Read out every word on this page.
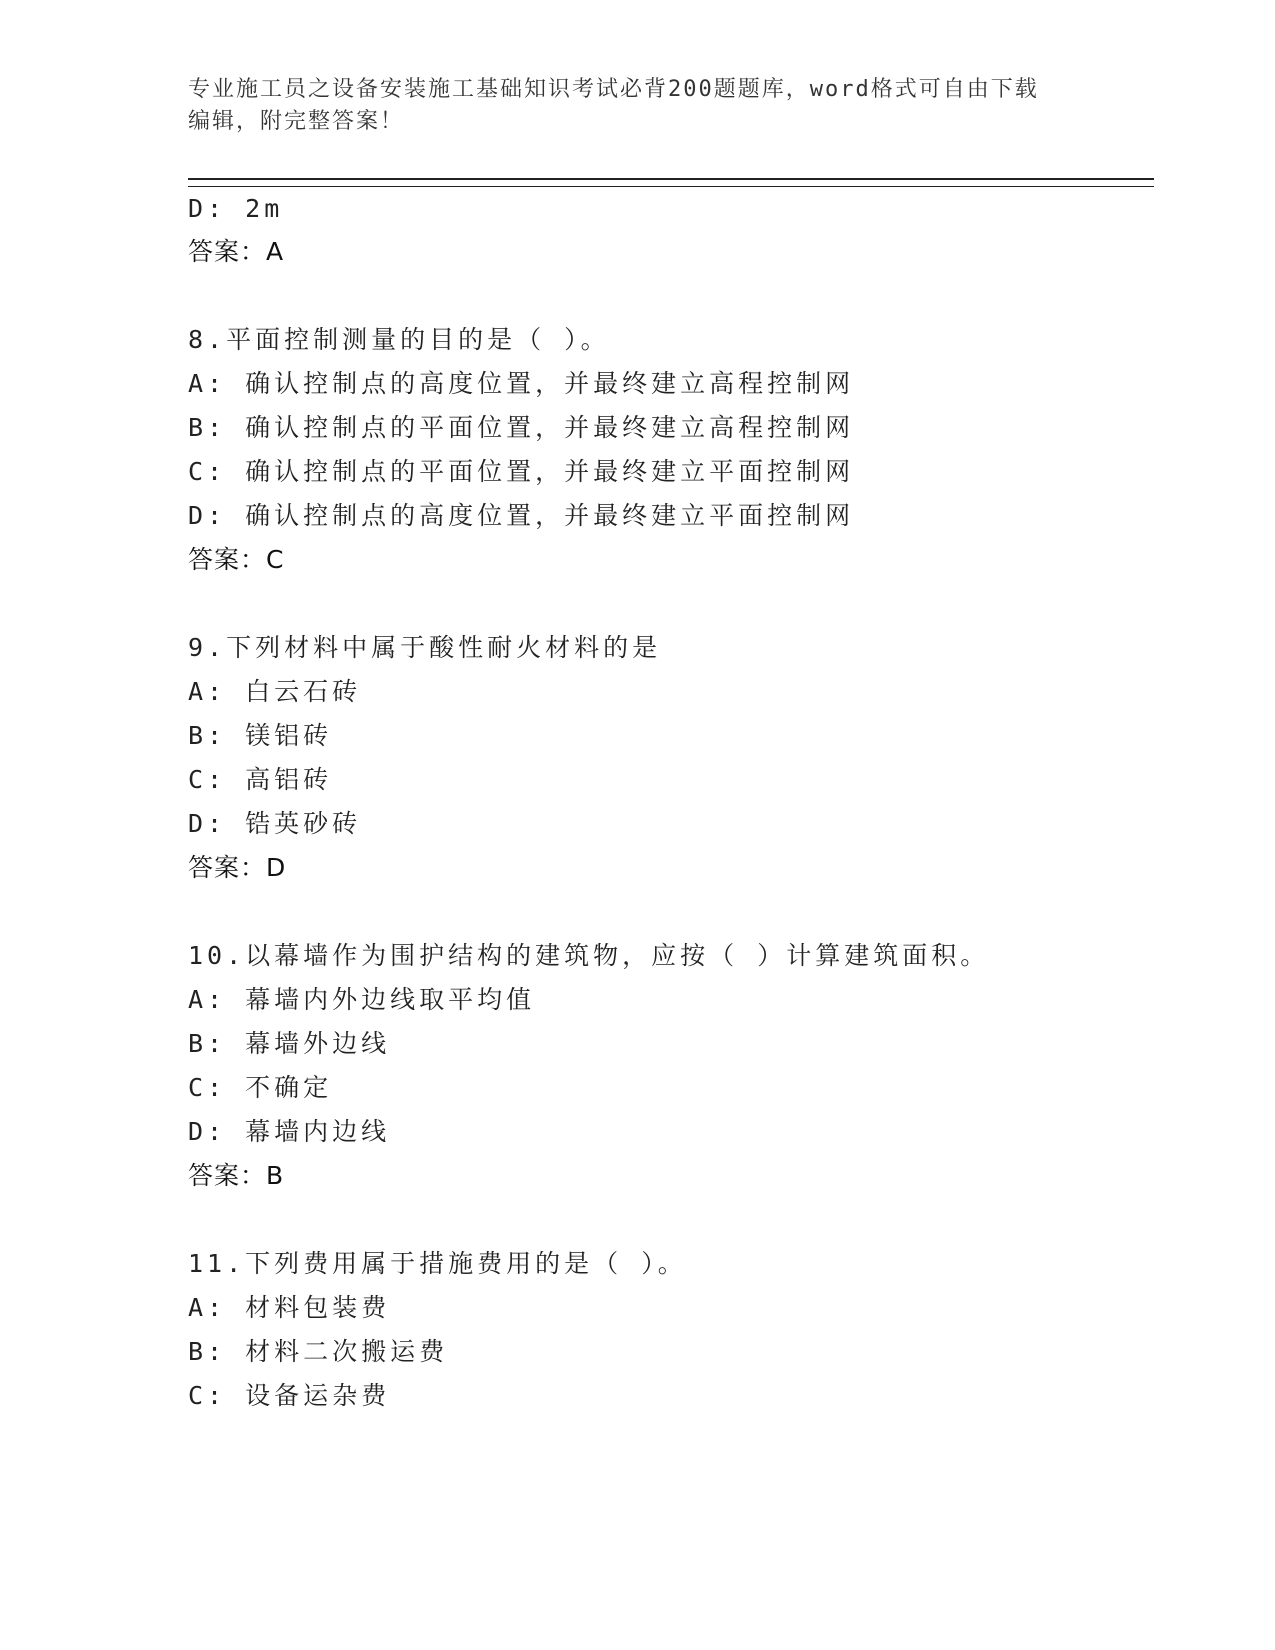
专业施工员之设备安装施工基础知识考试必背200题题库，word格式可自由下载
编辑，附完整答案！
D: 2m
答案：A
8.平面控制测量的目的是（ ）。
A: 确认控制点的高度位置，并最终建立高程控制网
B: 确认控制点的平面位置，并最终建立高程控制网
C: 确认控制点的平面位置，并最终建立平面控制网
D: 确认控制点的高度位置，并最终建立平面控制网
答案：C
9.下列材料中属于酸性耐火材料的是
A: 白云石砖
B: 镁铝砖
C: 高铝砖
D: 锆英砂砖
答案：D
10.以幕墙作为围护结构的建筑物，应按（ ）计算建筑面积。
A: 幕墙内外边线取平均值
B: 幕墙外边线
C: 不确定
D: 幕墙内边线
答案：B
11.下列费用属于措施费用的是（ ）。
A: 材料包装费
B: 材料二次搬运费
C: 设备运杂费
